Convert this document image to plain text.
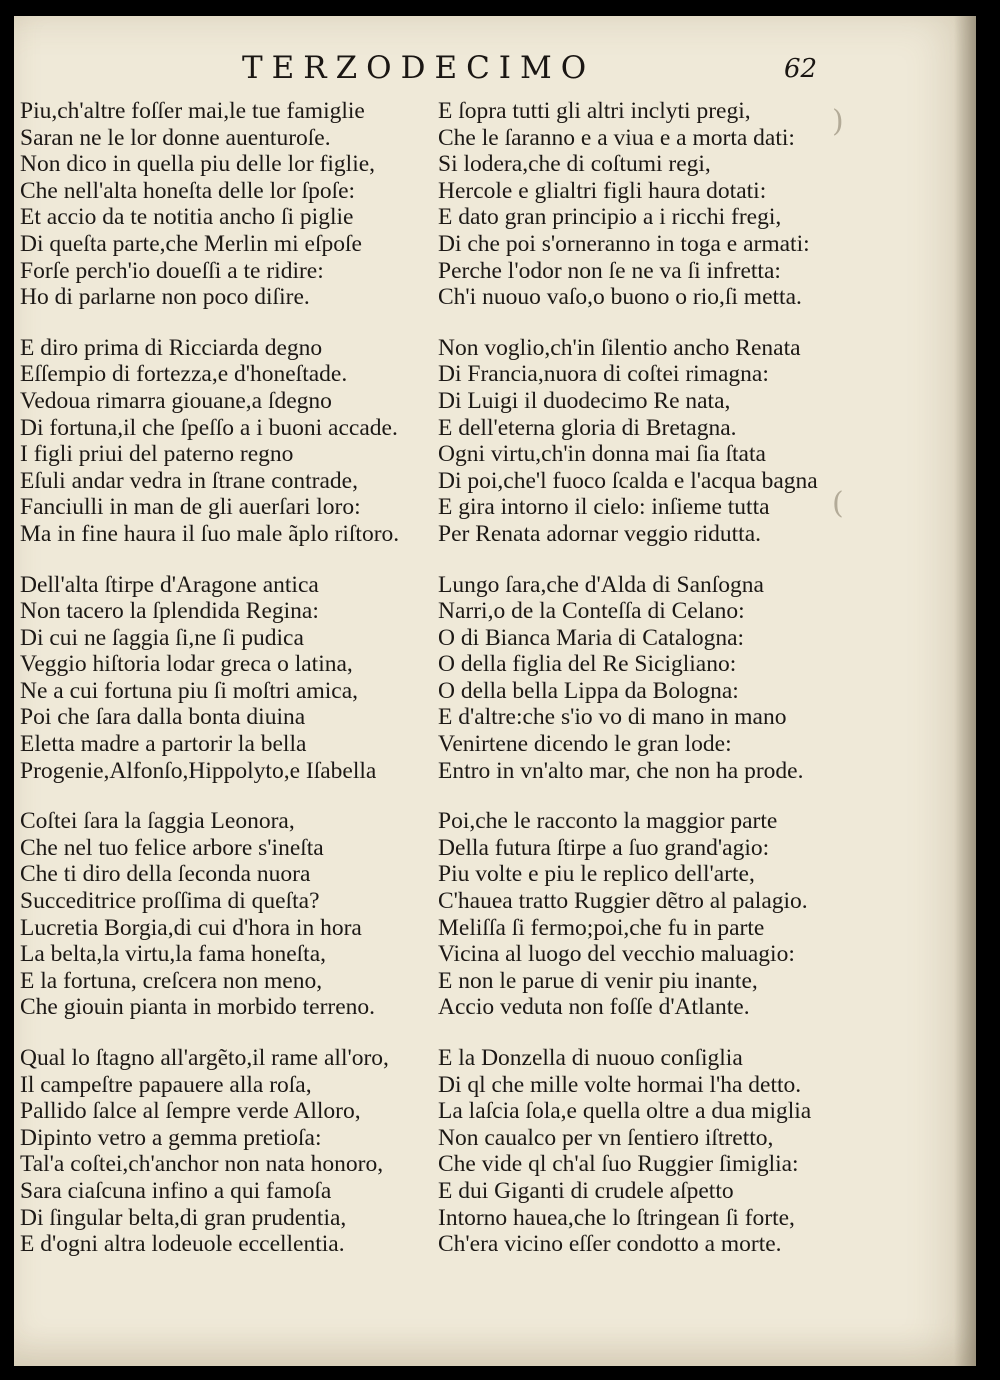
TERZODECIMO	62
)
(
Piu,ch'altre foſſer mai,le tue famiglie
Saran ne le lor donne auenturoſe.
Non dico in quella piu delle lor figlie,
Che nell'alta honeſta delle lor ſpoſe:
Et accio da te notitia ancho ſi piglie
Di queſta parte,che Merlin mi eſpoſe
Forſe perch'io doueſſi a te ridire:
Ho di parlarne non poco diſire.
E diro prima di Ricciarda degno
Eſſempio di fortezza,e d'honeſtade.
Vedoua rimarra giouane,a ſdegno
Di fortuna,il che ſpeſſo a i buoni accade.
I figli priui del paterno regno
Eſuli andar vedra in ſtrane contrade,
Fanciulli in man de gli auerſari loro:
Ma in fine haura il ſuo male ãplo riſtoro.
Dell'alta ſtirpe d'Aragone antica
Non tacero la ſplendida Regina:
Di cui ne ſaggia ſi,ne ſi pudica
Veggio hiſtoria lodar greca o latina,
Ne a cui fortuna piu ſi moſtri amica,
Poi che ſara dalla bonta diuina
Eletta madre a partorir la bella
Progenie,Alfonſo,Hippolyto,e Iſabella
Coſtei ſara la ſaggia Leonora,
Che nel tuo felice arbore s'ineſta
Che ti diro della ſeconda nuora
Succeditrice proſſima di queſta?
Lucretia Borgia,di cui d'hora in hora
La belta,la virtu,la fama honeſta,
E la fortuna, creſcera non meno,
Che giouin pianta in morbido terreno.
Qual lo ſtagno all'argẽto,il rame all'oro,
Il campeſtre papauere alla roſa,
Pallido ſalce al ſempre verde Alloro,
Dipinto vetro a gemma pretioſa:
Tal'a coſtei,ch'anchor non nata honoro,
Sara ciaſcuna infino a qui famoſa
Di ſingular belta,di gran prudentia,
E d'ogni altra lodeuole eccellentia.
E ſopra tutti gli altri inclyti pregi,
Che le ſaranno e a viua e a morta dati:
Si lodera,che di coſtumi regi,
Hercole e glialtri figli haura dotati:
E dato gran principio a i ricchi fregi,
Di che poi s'orneranno in toga e armati:
Perche l'odor non ſe ne va ſi infretta:
Ch'i nuouo vaſo,o buono o rio,ſi metta.
Non voglio,ch'in ſilentio ancho Renata
Di Francia,nuora di coſtei rimagna:
Di Luigi il duodecimo Re nata,
E dell'eterna gloria di Bretagna.
Ogni virtu,ch'in donna mai ſia ſtata
Di poi,che'l fuoco ſcalda e l'acqua bagna
E gira intorno il cielo: inſieme tutta
Per Renata adornar veggio ridutta.
Lungo ſara,che d'Alda di Sanſogna
Narri,o de la Conteſſa di Celano:
O di Bianca Maria di Catalogna:
O della figlia del Re Sicigliano:
O della bella Lippa da Bologna:
E d'altre:che s'io vo di mano in mano
Venirtene dicendo le gran lode:
Entro in vn'alto mar, che non ha prode.
Poi,che le racconto la maggior parte
Della futura ſtirpe a ſuo grand'agio:
Piu volte e piu le replico dell'arte,
C'hauea tratto Ruggier dẽtro al palagio.
Meliſſa ſi fermo;poi,che fu in parte
Vicina al luogo del vecchio maluagio:
E non le parue di venir piu inante,
Accio veduta non foſſe d'Atlante.
E la Donzella di nuouo conſiglia
Di ql che mille volte hormai l'ha detto.
La laſcia ſola,e quella oltre a dua miglia
Non caualco per vn ſentiero iſtretto,
Che vide ql ch'al ſuo Ruggier ſimiglia:
E dui Giganti di crudele aſpetto
Intorno hauea,che lo ſtringean ſi forte,
Ch'era vicino eſſer condotto a morte.
